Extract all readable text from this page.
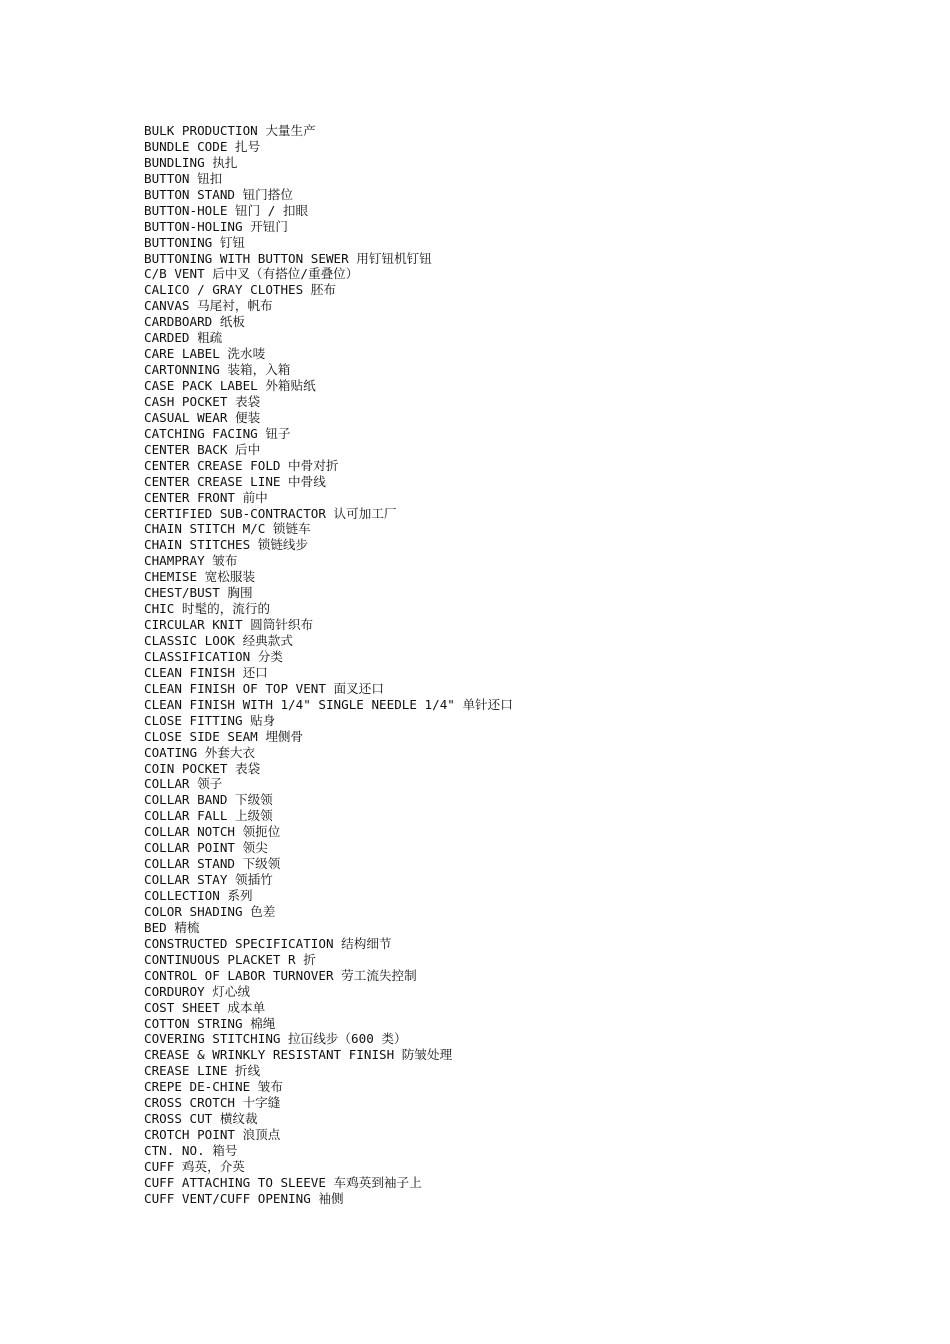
BULK PRODUCTION 大量生产
BUNDLE CODE 扎号
BUNDLING 执扎
BUTTON 钮扣
BUTTON STAND 钮门搭位
BUTTON-HOLE 钮门 / 扣眼
BUTTON-HOLING 开钮门
BUTTONING 钉钮
BUTTONING WITH BUTTON SEWER 用钉钮机钉钮
C/B VENT 后中叉（有搭位/重叠位）
CALICO / GRAY CLOTHES 胚布
CANVAS 马尾衬，帆布
CARDBOARD 纸板
CARDED 粗疏
CARE LABEL 洗水唛
CARTONNING 装箱，入箱
CASE PACK LABEL 外箱贴纸
CASH POCKET 表袋
CASUAL WEAR 便装
CATCHING FACING 钮子
CENTER BACK 后中
CENTER CREASE FOLD 中骨对折
CENTER CREASE LINE 中骨线
CENTER FRONT 前中
CERTIFIED SUB-CONTRACTOR 认可加工厂
CHAIN STITCH M/C 锁链车
CHAIN STITCHES 锁链线步
CHAMPRAY 皱布
CHEMISE 宽松服装
CHEST/BUST 胸围
CHIC 时髦的，流行的
CIRCULAR KNIT 圆筒针织布
CLASSIC LOOK 经典款式
CLASSIFICATION 分类
CLEAN FINISH 还口
CLEAN FINISH OF TOP VENT 面叉还口
CLEAN FINISH WITH 1/4" SINGLE NEEDLE 1/4" 单针还口
CLOSE FITTING 贴身
CLOSE SIDE SEAM 埋侧骨
COATING 外套大衣
COIN POCKET 表袋
COLLAR 领子
COLLAR BAND 下级领
COLLAR FALL 上级领
COLLAR NOTCH 领扼位
COLLAR POINT 领尖
COLLAR STAND 下级领
COLLAR STAY 领插竹
COLLECTION 系列
COLOR SHADING 色差
BED 精梳
CONSTRUCTED SPECIFICATION 结构细节
CONTINUOUS PLACKET R 折
CONTROL OF LABOR TURNOVER 劳工流失控制
CORDUROY 灯心绒
COST SHEET 成本单
COTTON STRING 棉绳
COVERING STITCHING 拉冚线步（600 类）
CREASE & WRINKLY RESISTANT FINISH 防皱处理
CREASE LINE 折线
CREPE DE-CHINE 皱布
CROSS CROTCH 十字缝
CROSS CUT 横纹裁
CROTCH POINT 浪顶点
CTN. NO. 箱号
CUFF 鸡英，介英
CUFF ATTACHING TO SLEEVE 车鸡英到袖子上
CUFF VENT/CUFF OPENING 袖侧
